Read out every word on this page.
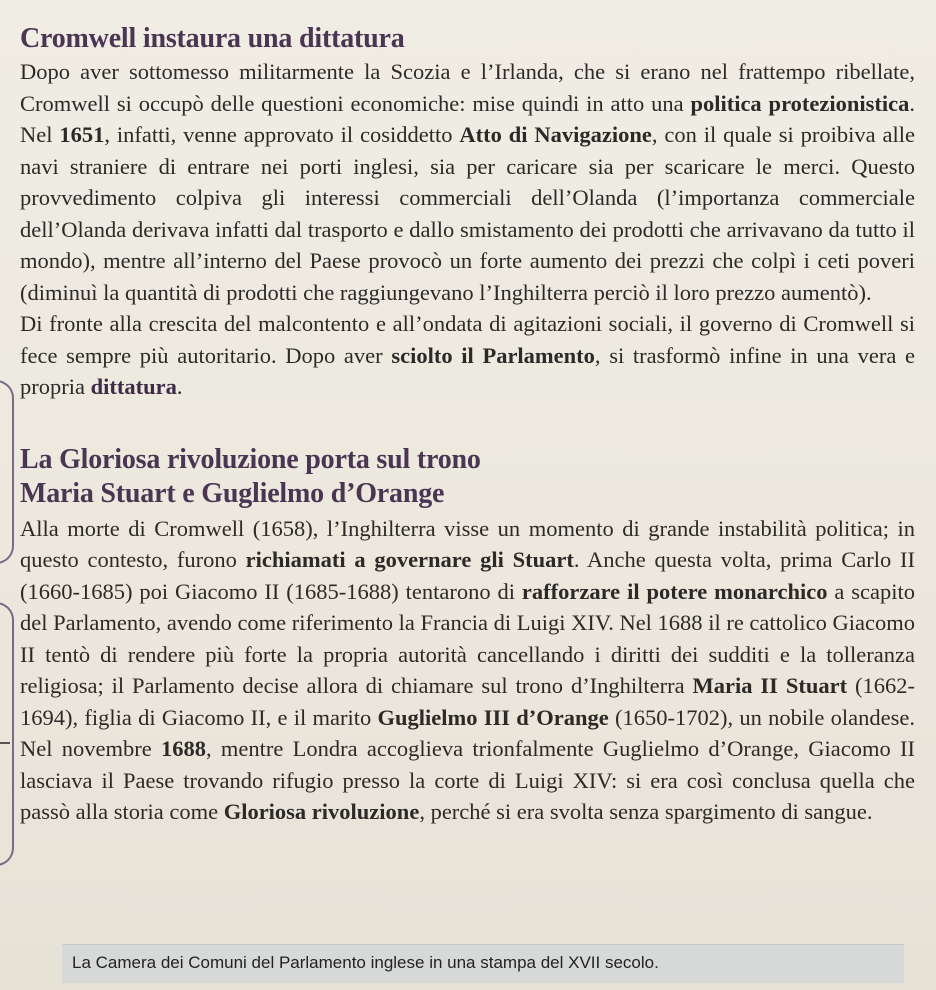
Cromwell instaura una dittatura

Dopo aver sottomesso militarmente la Scozia e l’Irlanda, che si erano nel frattempo ribellate, Cromwell si occupò delle questioni economiche: mise quindi in atto una politica protezionistica. Nel 1651, infatti, venne approvato il cosiddetto Atto di Navigazione, con il quale si proibiva alle navi straniere di entrare nei porti inglesi, sia per caricare sia per scaricare le merci. Questo provvedimento colpiva gli interessi commerciali dell’Olanda (l’importanza commerciale dell’Olanda derivava infatti dal trasporto e dallo smistamento dei prodotti che arrivavano da tutto il mondo), mentre all’interno del Paese provocò un forte aumento dei prezzi che colpì i ceti poveri (diminuì la quantità di prodotti che raggiungevano l’Inghilterra perciò il loro prezzo aumentò).

Di fronte alla crescita del malcontento e all’ondata di agitazioni sociali, il governo di Cromwell si fece sempre più autoritario. Dopo aver sciolto il Parlamento, si trasformò infine in una vera e propria dittatura.

La Gloriosa rivoluzione porta sul trono
Maria Stuart e Guglielmo d’Orange

Alla morte di Cromwell (1658), l’Inghilterra visse un momento di grande instabilità politica; in questo contesto, furono richiamati a governare gli Stuart. Anche questa volta, prima Carlo II (1660-1685) poi Giacomo II (1685-1688) tentarono di rafforzare il potere monarchico a scapito del Parlamento, avendo come riferimento la Francia di Luigi XIV. Nel 1688 il re cattolico Giacomo II tentò di rendere più forte la propria autorità cancellando i diritti dei sudditi e la tolleranza religiosa; il Parlamento decise allora di chiamare sul trono d’Inghilterra Maria II Stuart (1662-1694), figlia di Giacomo II, e il marito Guglielmo III d’Orange (1650-1702), un nobile olandese. Nel novembre 1688, mentre Londra accoglieva trionfalmente Guglielmo d’Orange, Giacomo II lasciava il Paese trovando rifugio presso la corte di Luigi XIV: si era così conclusa quella che passò alla storia come Gloriosa rivoluzione, perché si era svolta senza spargimento di sangue.

La Camera dei Comuni del Parlamento inglese in una stampa del XVII secolo.
